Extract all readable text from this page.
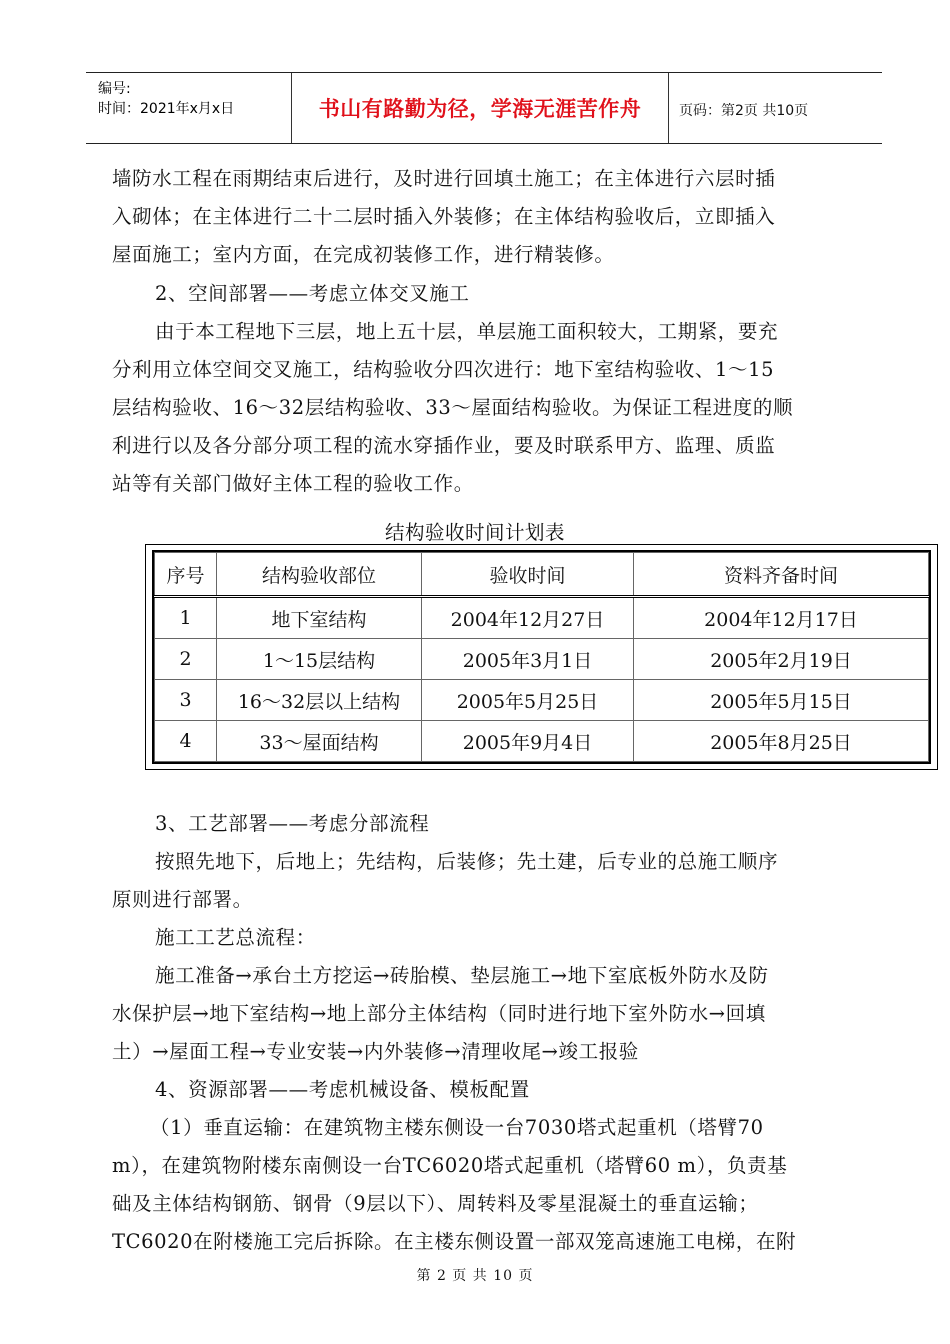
编号:
时间：2021年x月x日	书山有路勤为径，学海无涯苦作舟	页码：第2页 共10页
墙防水工程在雨期结束后进行，及时进行回填土施工；在主体进行六层时插
入砌体；在主体进行二十二层时插入外装修；在主体结构验收后，立即插入
屋面施工；室内方面，在完成初装修工作，进行精装修。
2、空间部署——考虑立体交叉施工
由于本工程地下三层，地上五十层，单层施工面积较大，工期紧，要充
分利用立体空间交叉施工，结构验收分四次进行：地下室结构验收、1～15
层结构验收、16～32层结构验收、33～屋面结构验收。为保证工程进度的顺
利进行以及各分部分项工程的流水穿插作业，要及时联系甲方、监理、质监
站等有关部门做好主体工程的验收工作。
结构验收时间计划表
序号	结构验收部位	验收时间	资料齐备时间
1	地下室结构	2004年12月27日	2004年12月17日
2	1～15层结构	2005年3月1日	2005年2月19日
3	16～32层以上结构	2005年5月25日	2005年5月15日
4	33～屋面结构	2005年9月4日	2005年8月25日
3、工艺部署——考虑分部流程
按照先地下，后地上；先结构，后装修；先土建，后专业的总施工顺序
原则进行部署。
施工工艺总流程：
施工准备→承台土方挖运→砖胎模、垫层施工→地下室底板外防水及防
水保护层→地下室结构→地上部分主体结构（同时进行地下室外防水→回填
土）→屋面工程→专业安装→内外装修→清理收尾→竣工报验
4、资源部署——考虑机械设备、模板配置
（1）垂直运输：在建筑物主楼东侧设一台7030塔式起重机（塔臂70
m），在建筑物附楼东南侧设一台TC6020塔式起重机（塔臂60 m），负责基
础及主体结构钢筋、钢骨（9层以下）、周转料及零星混凝土的垂直运输；
TC6020在附楼施工完后拆除。在主楼东侧设置一部双笼高速施工电梯，在附
第 2 页 共 10 页
